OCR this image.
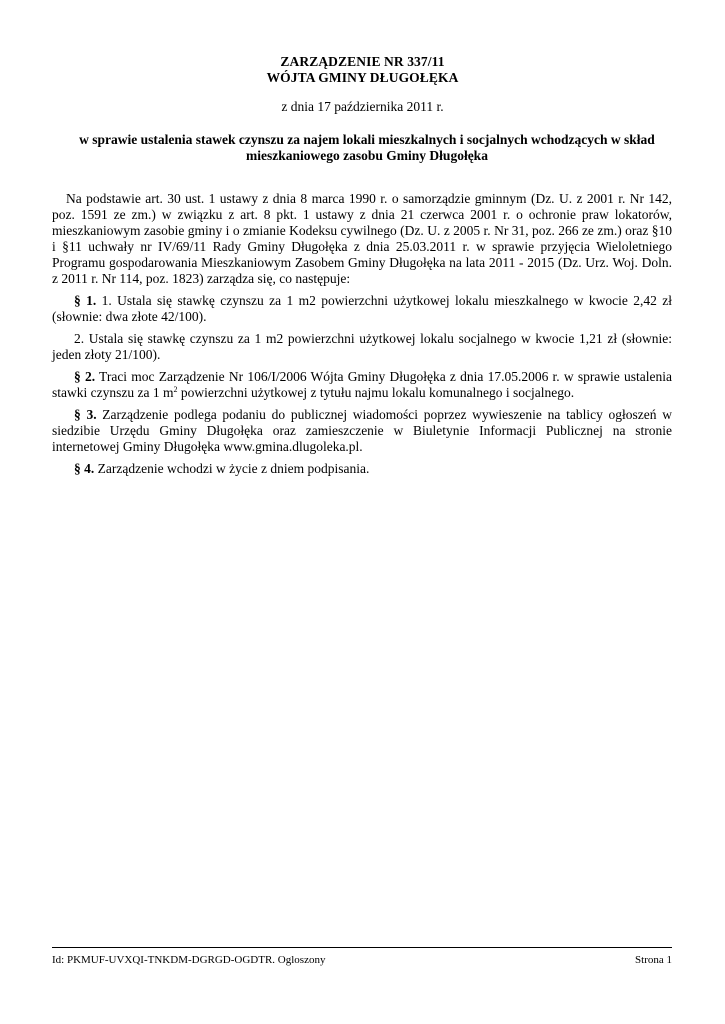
ZARZĄDZENIE NR 337/11
WÓJTA GMINY DŁUGOŁĘKA
z dnia 17 października 2011 r.
w sprawie ustalenia stawek czynszu za najem lokali mieszkalnych i socjalnych wchodzących w skład mieszkaniowego zasobu Gminy Długołęka

Na podstawie art. 30 ust. 1 ustawy z dnia 8 marca 1990 r. o samorządzie gminnym (Dz. U. z 2001 r. Nr 142, poz. 1591 ze zm.) w związku z art. 8 pkt. 1 ustawy z dnia 21 czerwca 2001 r. o ochronie praw lokatorów, mieszkaniowym zasobie gminy i o zmianie Kodeksu cywilnego (Dz. U. z 2005 r. Nr 31, poz. 266 ze zm.) oraz §10 i §11 uchwały nr IV/69/11 Rady Gminy Długołęka z dnia 25.03.2011 r. w sprawie przyjęcia Wieloletniego Programu gospodarowania Mieszkaniowym Zasobem Gminy Długołęka na lata 2011 - 2015 (Dz. Urz. Woj. Doln. z 2011 r. Nr 114, poz. 1823) zarządza się, co następuje:

§ 1. 1. Ustala się stawkę czynszu za 1 m2 powierzchni użytkowej lokalu mieszkalnego w kwocie 2,42 zł (słownie: dwa złote 42/100).

2. Ustala się stawkę czynszu za 1 m2 powierzchni użytkowej lokalu socjalnego w kwocie 1,21 zł (słownie: jeden złoty 21/100).

§ 2. Traci moc Zarządzenie Nr 106/I/2006 Wójta Gminy Długołęka z dnia 17.05.2006 r. w sprawie ustalenia stawki czynszu za 1 $m^2$ powierzchni użytkowej z tytułu najmu lokalu komunalnego i socjalnego.

§ 3. Zarządzenie podlega podaniu do publicznej wiadomości poprzez wywieszenie na tablicy ogłoszeń w siedzibie Urzędu Gminy Długołęka oraz zamieszczenie w Biuletynie Informacji Publicznej na stronie internetowej Gminy Długołęka www.gmina.dlugoleka.pl.

§ 4. Zarządzenie wchodzi w życie z dniem podpisania.

Id: PKMUF-UVXQI-TNKDM-DGRGD-OGDTR. Ogloszony	Strona 1
